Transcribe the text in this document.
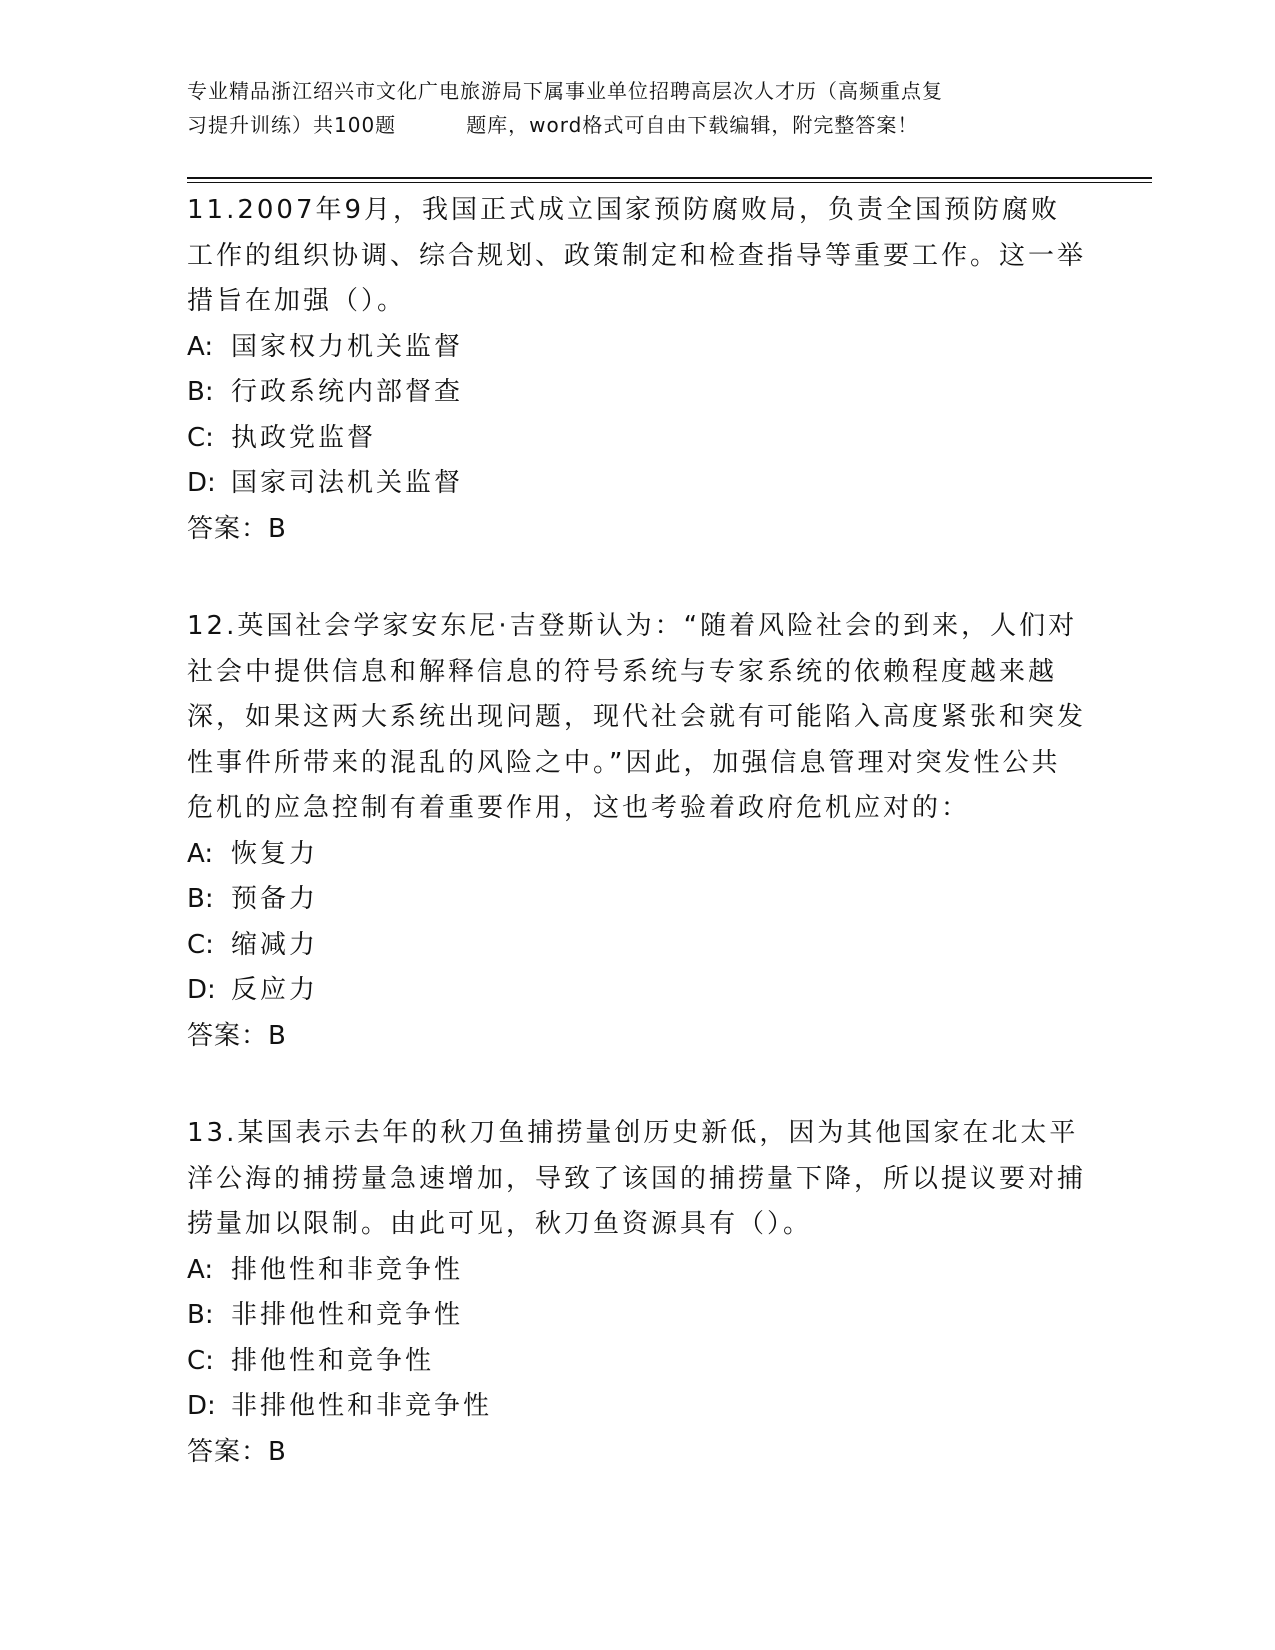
专业精品浙江绍兴市文化广电旅游局下属事业单位招聘高层次人才历（高频重点复
习提升训练）共100题	题库，word格式可自由下载编辑，附完整答案！

11.2007年9月，我国正式成立国家预防腐败局，负责全国预防腐败工作的组织协调、综合规划、政策制定和检查指导等重要工作。这一举措旨在加强（）。

A: 国家权力机关监督
B: 行政系统内部督查
C: 执政党监督
D: 国家司法机关监督

答案：B

12.英国社会学家安东尼·吉登斯认为：“随着风险社会的到来，人们对社会中提供信息和解释信息的符号系统与专家系统的依赖程度越来越深，如果这两大系统出现问题，现代社会就有可能陷入高度紧张和突发性事件所带来的混乱的风险之中。”因此，加强信息管理对突发性公共危机的应急控制有着重要作用，这也考验着政府危机应对的：

A: 恢复力
B: 预备力
C: 缩减力
D: 反应力

答案：B

13.某国表示去年的秋刀鱼捕捞量创历史新低，因为其他国家在北太平洋公海的捕捞量急速增加，导致了该国的捕捞量下降，所以提议要对捕捞量加以限制。由此可见，秋刀鱼资源具有（）。

A: 排他性和非竞争性
B: 非排他性和竞争性
C: 排他性和竞争性
D: 非排他性和非竞争性

答案：B
